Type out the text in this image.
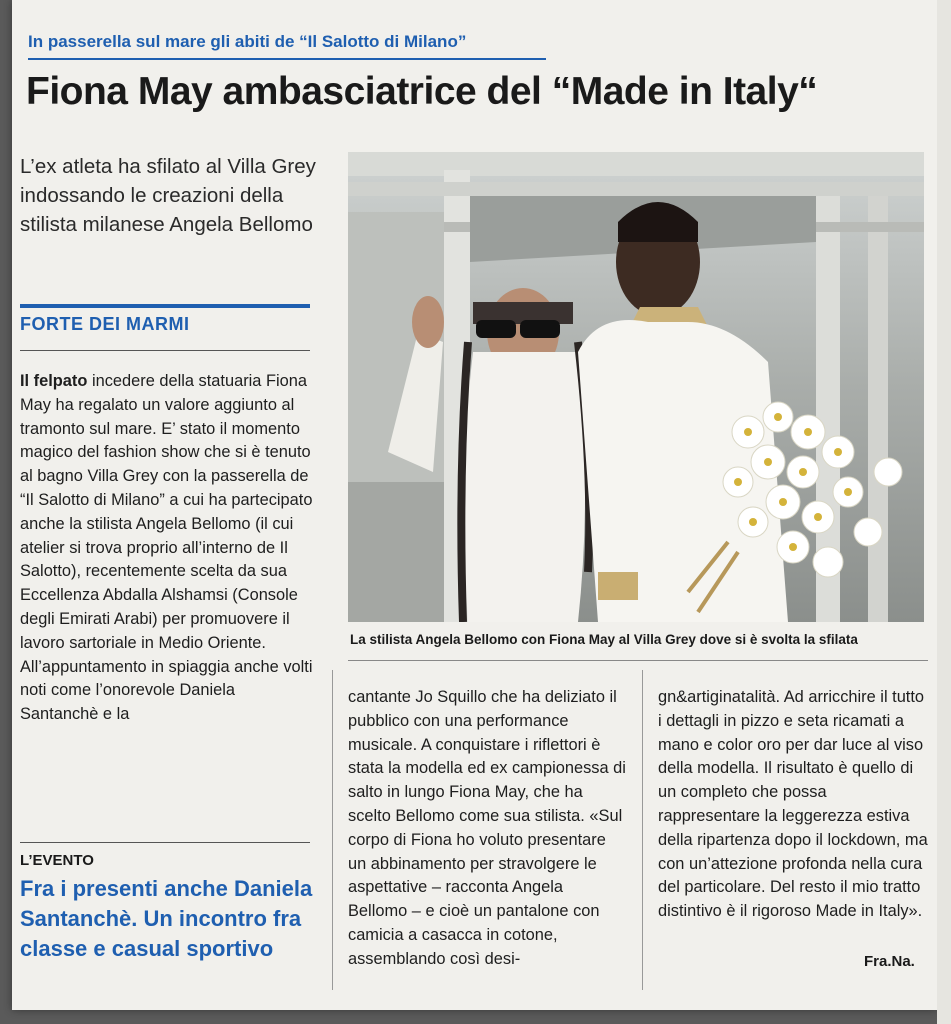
In passerella sul mare gli abiti de “Il Salotto di Milano”
Fiona May ambasciatrice del “Made in Italy“
L’ex atleta ha sfilato al Villa Grey indossando le creazioni della stilista milanese Angela Bellomo
FORTE DEI MARMI
Il felpato incedere della statuaria Fiona May ha regalato un valore aggiunto al tramonto sul mare. E’ stato il momento magico del fashion show che si è tenuto al bagno Villa Grey con la passerella de “Il Salotto di Milano” a cui ha partecipato anche la stilista Angela Bellomo (il cui atelier si trova proprio all’interno de Il Salotto), recentemente scelta da sua Eccellenza Abdalla Alshamsi (Console degli Emirati Arabi) per promuovere il lavoro sartoriale in Medio Oriente. All’appuntamento in spiaggia anche volti noti come l’onorevole Daniela Santanchè e la
L’EVENTO
Fra i presenti anche Daniela Santanchè. Un incontro fra classe e casual sportivo
La stilista Angela Bellomo con Fiona May al Villa Grey dove si è svolta la sfilata
cantante Jo Squillo che ha deliziato il pubblico con una performance musicale. A conquistare i riflettori è stata la modella ed ex campionessa di salto in lungo Fiona May, che ha scelto Bellomo come sua stilista. «Sul corpo di Fiona ho voluto presentare un abbinamento per stravolgere le aspettative – racconta Angela Bellomo – e cioè un pantalone con camicia a casacca in cotone, assemblando così desi-
gn&artiginatalità. Ad arricchire il tutto i dettagli in pizzo e seta ricamati a mano e color oro per dar luce al viso della modella. Il risultato è quello di un completo che possa rappresentare la leggerezza estiva della ripartenza dopo il lockdown, ma con un’attezione profonda nella cura del particolare. Del resto il mio tratto distintivo è il rigoroso Made in Italy».
Fra.Na.
